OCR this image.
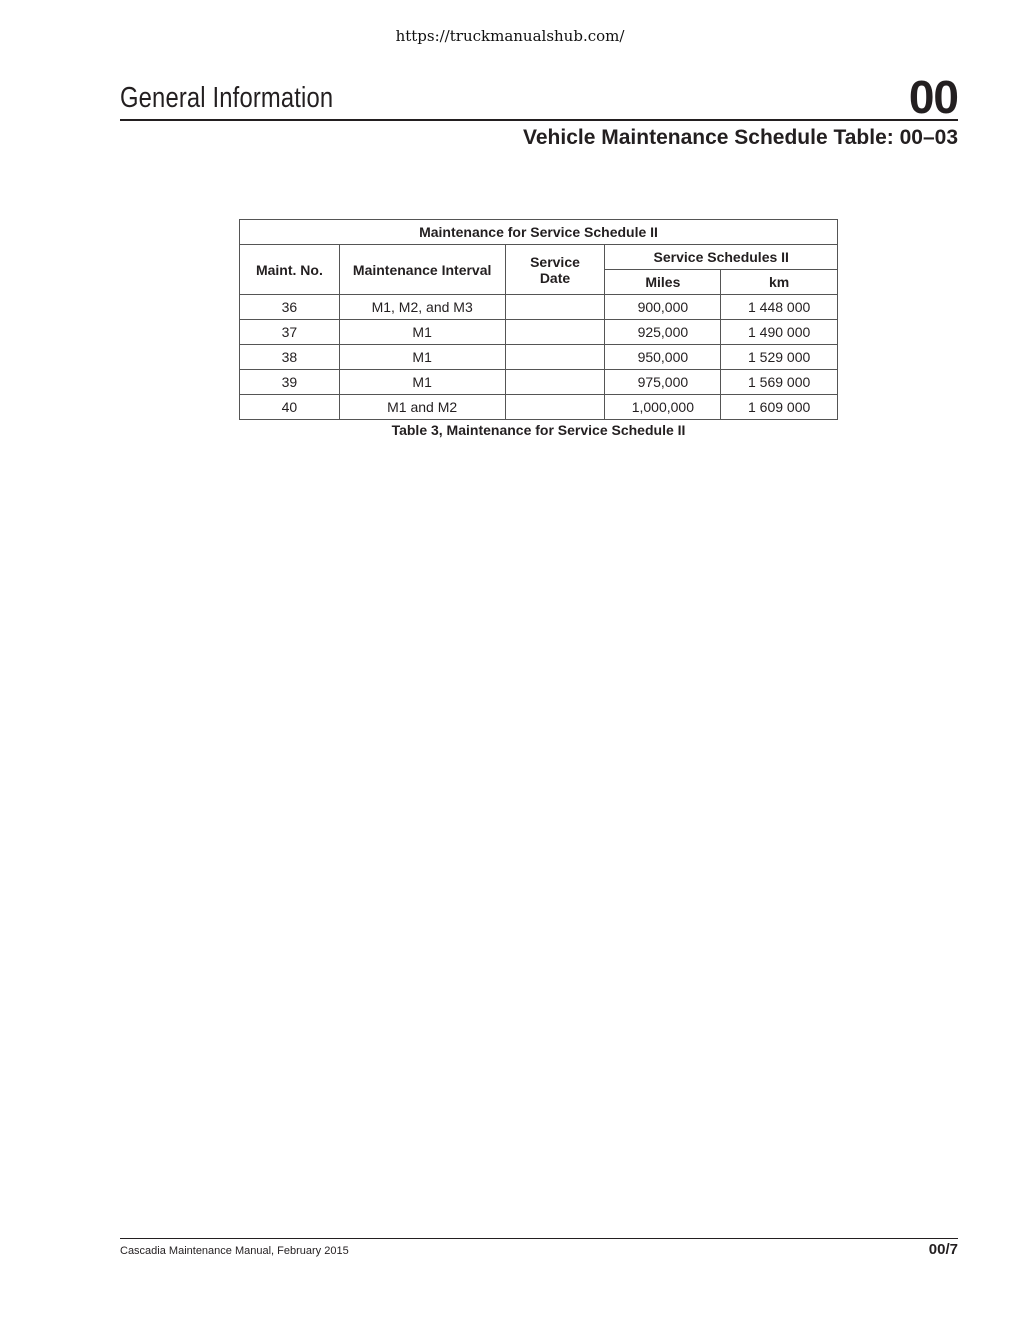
https://truckmanualshub.com/
General Information	00
Vehicle Maintenance Schedule Table: 00–03
Maintenance for Service Schedule II				
Maint. No.	Maintenance Interval	Service Date	Service Schedules II	
			Miles	km
36	M1, M2, and M3		900,000	1 448 000
37	M1		925,000	1 490 000
38	M1		950,000	1 529 000
39	M1		975,000	1 569 000
40	M1 and M2		1,000,000	1 609 000
Table 3, Maintenance for Service Schedule II
Cascadia Maintenance Manual, February 2015	00/7
